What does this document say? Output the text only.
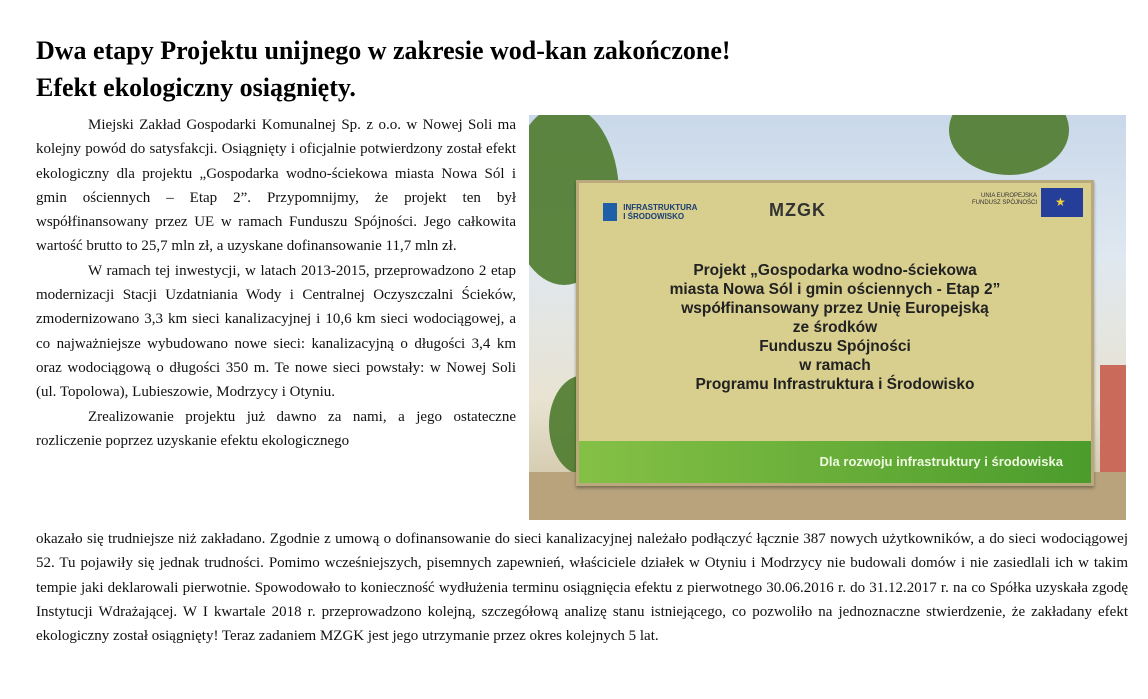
Dwa etapy Projektu unijnego w zakresie wod-kan zakończone!
Efekt ekologiczny osiągnięty.

Miejski Zakład Gospodarki Komunalnej Sp. z o.o. w Nowej Soli ma kolejny powód do satysfakcji. Osiągnięty i oficjalnie potwierdzony został efekt ekologiczny dla projektu „Gospodarka wodno-ściekowa miasta Nowa Sól i gmin ościennych – Etap 2”. Przypomnijmy, że projekt ten był współfinansowany przez UE w ramach Funduszu Spójności. Jego całkowita wartość brutto to 25,7 mln zł, a uzyskane dofinansowanie 11,7 mln zł.

W ramach tej inwestycji, w latach 2013-2015, przeprowadzono 2 etap modernizacji Stacji Uzdatniania Wody i Centralnej Oczyszczalni Ścieków, zmodernizowano 3,3 km sieci kanalizacyjnej i 10,6 km sieci wodociągowej, a co najważniejsze wybudowano nowe sieci: kanalizacyjną o długości 3,4 km oraz wodociągową o długości 350 m. Te nowe sieci powstały: w Nowej Soli (ul. Topolowa), Lubieszowie, Modrzycy i Otyniu.

Zrealizowanie projektu już dawno za nami, a jego ostateczne rozliczenie poprzez uzyskanie efektu ekologicznego

INFRASTRUKTURA
I ŚRODOWISKO	MZGK
UNIA EUROPEJSKA
FUNDUSZ SPÓJNOŚCI ★
Projekt „Gospodarka wodno-ściekowa
miasta Nowa Sól i gmin ościennych - Etap 2”
współfinansowany przez Unię Europejską
ze środków
Funduszu Spójności
w ramach
Programu Infrastruktura i Środowisko
Dla rozwoju infrastruktury i środowiska

okazało się trudniejsze niż zakładano. Zgodnie z umową o dofinansowanie do sieci kanalizacyjnej należało podłączyć łącznie 387 nowych użytkowników, a do sieci wodociągowej 52. Tu pojawiły się jednak trudności. Pomimo wcześniejszych, pisemnych zapewnień, właściciele działek w Otyniu i Modrzycy nie budowali domów i nie zasiedlali ich w takim tempie jaki deklarowali pierwotnie. Spowodowało to konieczność wydłużenia terminu osiągnięcia efektu z pierwotnego 30.06.2016 r. do 31.12.2017 r. na co Spółka uzyskała zgodę Instytucji Wdrażającej. W I kwartale 2018 r. przeprowadzono kolejną, szczegółową analizę stanu istniejącego, co pozwoliło na jednoznaczne stwierdzenie, że zakładany efekt ekologiczny został osiągnięty! Teraz zadaniem MZGK jest jego utrzymanie przez okres kolejnych 5 lat.
